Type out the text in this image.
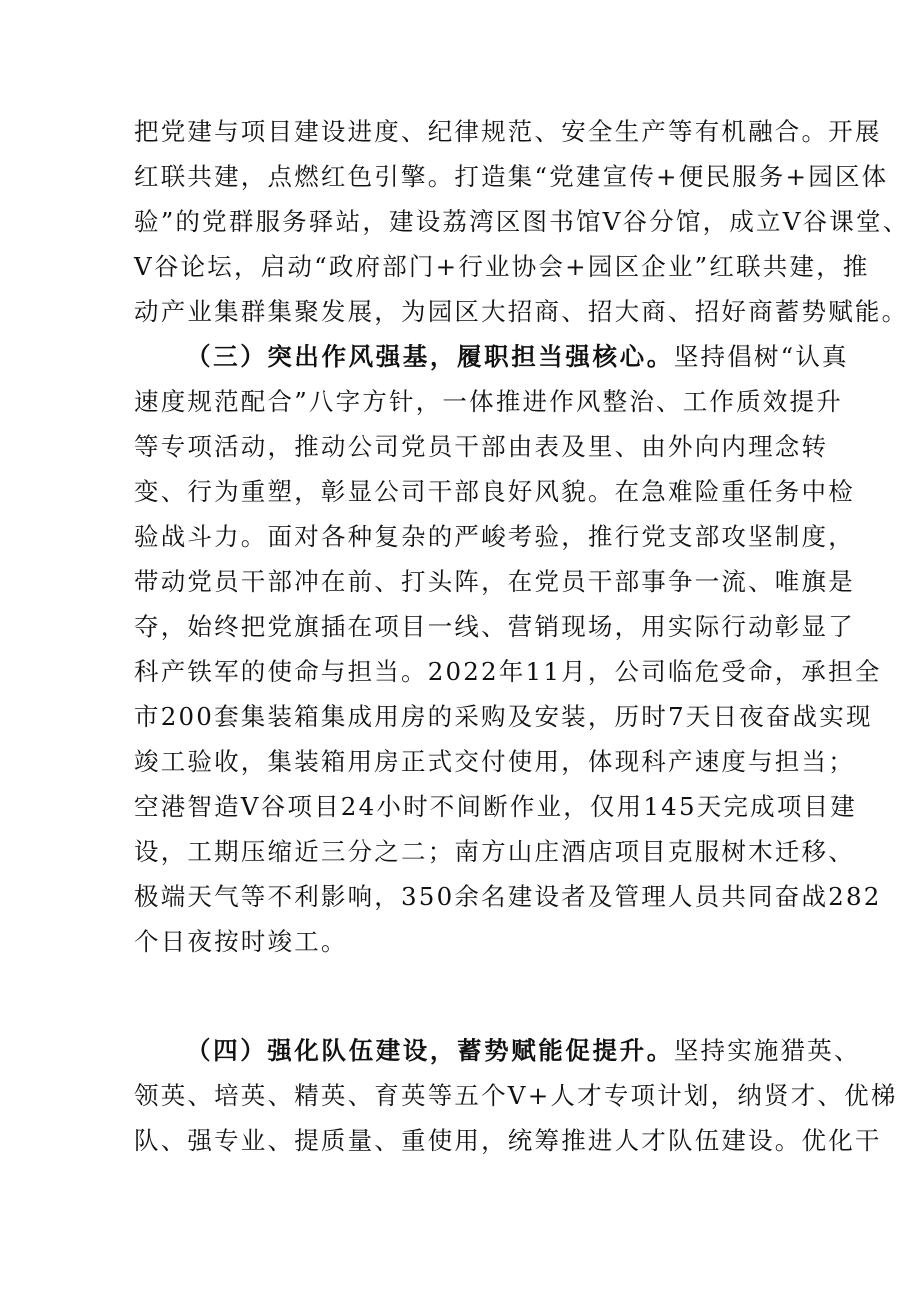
把党建与项目建设进度、纪律规范、安全生产等有机融合。开展
红联共建，点燃红色引擎。打造集“党建宣传+便民服务+园区体
验”的党群服务驿站，建设荔湾区图书馆V谷分馆，成立V谷课堂、
V谷论坛，启动“政府部门+行业协会+园区企业”红联共建，推
动产业集群集聚发展，为园区大招商、招大商、招好商蓄势赋能。
（三）突出作风强基，履职担当强核心。坚持倡树“认真
速度规范配合”八字方针，一体推进作风整治、工作质效提升
等专项活动，推动公司党员干部由表及里、由外向内理念转
变、行为重塑，彰显公司干部良好风貌。在急难险重任务中检
验战斗力。面对各种复杂的严峻考验，推行党支部攻坚制度，
带动党员干部冲在前、打头阵，在党员干部事争一流、唯旗是
夺，始终把党旗插在项目一线、营销现场，用实际行动彰显了
科产铁军的使命与担当。2022年11月，公司临危受命，承担全
市200套集装箱集成用房的采购及安装，历时7天日夜奋战实现
竣工验收，集装箱用房正式交付使用，体现科产速度与担当；
空港智造V谷项目24小时不间断作业，仅用145天完成项目建
设，工期压缩近三分之二；南方山庄酒店项目克服树木迁移、
极端天气等不利影响，350余名建设者及管理人员共同奋战282
个日夜按时竣工。
（四）强化队伍建设，蓄势赋能促提升。坚持实施猎英、
领英、培英、精英、育英等五个V+人才专项计划，纳贤才、优梯
队、强专业、提质量、重使用，统筹推进人才队伍建设。优化干
